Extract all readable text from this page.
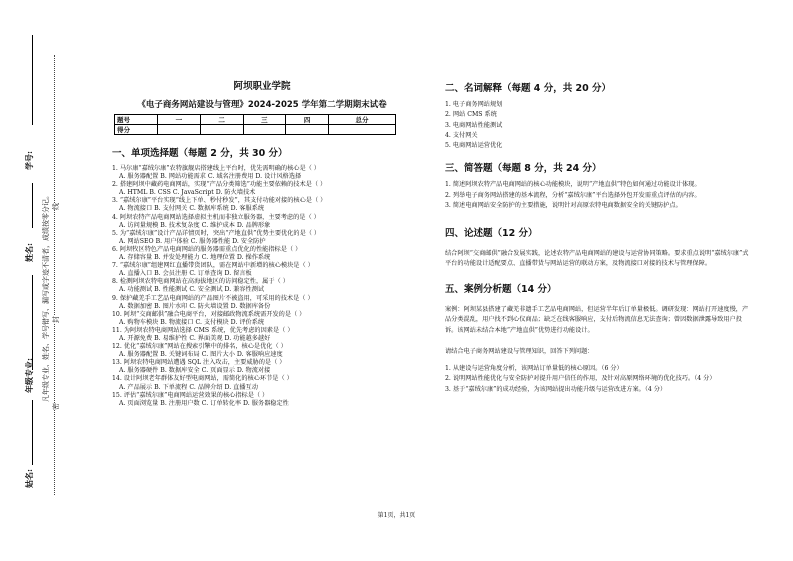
学号:
姓名:
年级专业:
姑名:
凡年级专业、姓名、学号错写、漏写或字迹不清者，成绩按零分记。 线
封
密
阿坝职业学院
《电子商务网站建设与管理》2024-2025 学年第二学期期末试卷
题号	一	二	三	四	总分
得分					
一、单项选择题（每题 2 分，共 30 分）

1. 马尔康“嘉绒尔康”农特旗舰店搭建线上平台时，优先需明确的核心是（ ）

A. 服务器配置 B. 网站功能需求 C. 域名注册费用 D. 设计风格选择

2. 搭建阿坝中藏药电商网站，实现“产品分类筛选”功能主要依赖的技术是（ ）

A. HTML B. CSS C. JavaScript D. 防火墙技术

3. “嘉绒尔康”平台实现“线上下单、秒付秒发”，其支付功能对接的核心是（ ）

A. 物流接口 B. 支付网关 C. 数据库系统 D. 客服系统

4. 阿坝农特产品电商网站选择虚拟主机而非独立服务器，主要考虑的是（ ）

A. 访问量规模 B. 技术复杂度 C. 维护成本 D. 品牌形象

5. 为“嘉绒尔康”设计产品详情页时，突出“产地直供”优势主要优化的是（ ）

A. 网站SEO B. 用户体验 C. 服务器性能 D. 安全防护

6. 阿坝牧区特色产品电商网站的服务器需重点优化的性能指标是（ ）

A. 存储容量 B. 并发处理能力 C. 地理位置 D. 操作系统

7. “嘉绒尔康”组建网红直播带货团队，需在网站中新增的核心模块是（ ）

A. 直播入口 B. 会员注册 C. 订单查询 D. 留言板

8. 检测阿坝农特电商网站在高海拔地区的访问稳定性，属于（ ）

A. 功能测试 B. 性能测试 C. 安全测试 D. 兼容性测试

9. 保护藏羌手工艺品电商网站的产品图片不被盗用，可采用的技术是（ ）

A. 数据加密 B. 图片水印 C. 防火墙设置 D. 数据库备份

10. 阿坝“交商邮供”融合电商平台，对接邮政物流系统需开发的是（ ）

A. 购物车模块 B. 物流接口 C. 支付模块 D. 评价系统

11. 为阿坝农特电商网站选择 CMS 系统，优先考虑的因素是（ ）

A. 开源免费 B. 易维护性 C. 界面美观 D. 功能越多越好

12. 优化“嘉绒尔康”网站在搜索引擎中的排名，核心是优化（ ）

A. 服务器配置 B. 关键词布局 C. 图片大小 D. 客服响应速度

13. 阿坝农特电商网站遭遇 SQL 注入攻击，主要威胁的是（ ）

A. 服务器硬件 B. 数据库安全 C. 页面显示 D. 物流对接

14. 设计阿坝老年群体友好型电商网站，需简化的核心环节是（ ）

A. 产品展示 B. 下单流程 C. 品牌介绍 D. 直播互动

15. 评估“嘉绒尔康”电商网站运营效果的核心指标是（ ）

A. 页面浏览量 B. 注册用户数 C. 订单转化率 D. 服务器稳定性

二、名词解释（每题 4 分，共 20 分）

1. 电子商务网站规划

2. 网站 CMS 系统

3. 电商网站性能测试

4. 支付网关

5. 电商网站运营优化

三、简答题（每题 8 分，共 24 分）

1. 简述阿坝农特产品电商网站的核心功能模块，说明“产地直供”特色如何通过功能设计体现。

2. 列举电子商务网站搭建的基本流程，分析“嘉绒尔康”平台选择外包开发需重点评估的内容。

3. 简述电商网站安全防护的主要措施，说明针对高原农特电商数据安全的关键防护点。

四、论述题（12 分）

结合阿坝“交商邮供”融合发展实践，论述农特产品电商网站的建设与运营协同策略。要求重点说明“嘉绒尔康”式平台的功能设计适配要点、直播带货与网站运营的联动方案，及物流接口对接的技术与管理保障。

五、案例分析题（14 分）

案例：阿坝某县搭建了藏羌非遗手工艺品电商网站，但运营半年后订单量极低。调研发现：网站打开速度慢，产品分类混乱，用户找不到心仪商品；缺乏在线客服响应，支付后物流信息无法查询；曾因数据泄露导致用户投诉。该网站未结合本地“产地直供”优势进行功能设计。

请结合电子商务网站建设与管理知识，回答下列问题：

1. 从建设与运营角度分析，该网站订单量低的核心原因。（6 分）

2. 说明网站性能优化与安全防护对提升用户信任的作用，及针对高原网络环境的优化技巧。（4 分）

3. 基于“嘉绒尔康”的成功经验，为该网站提出功能升级与运营改进方案。（4 分）

第1页，共1页
